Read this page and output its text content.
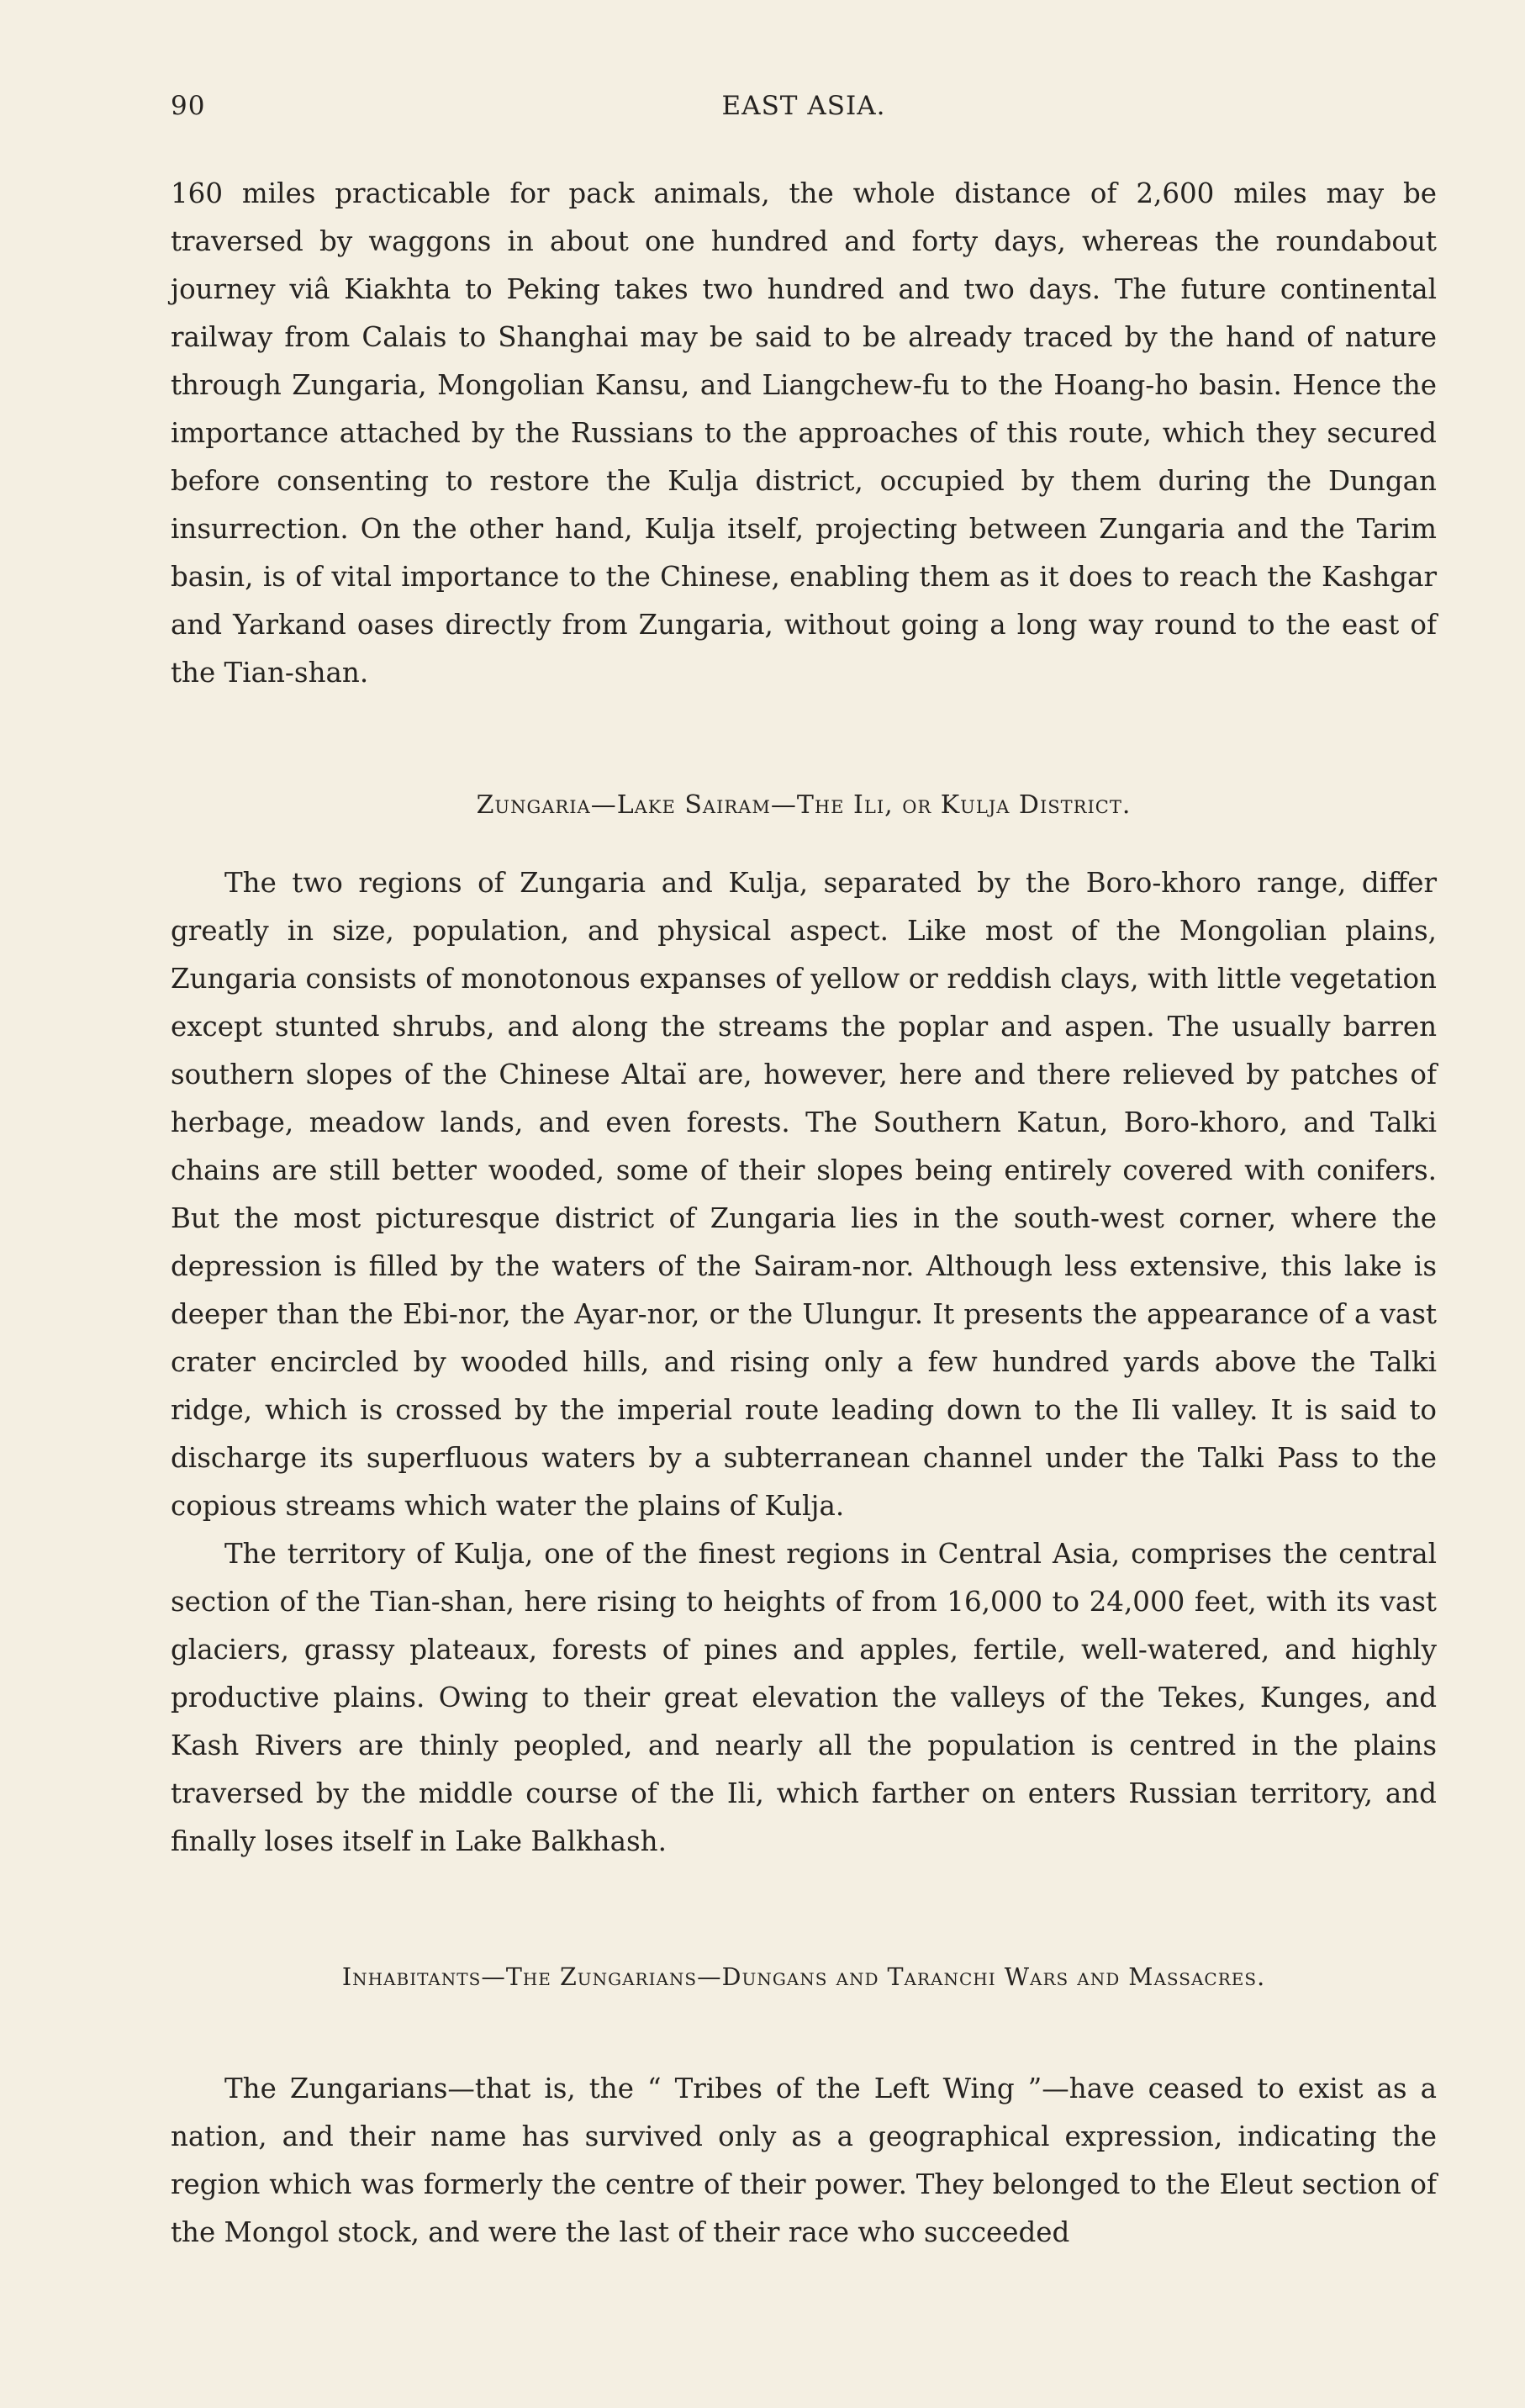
90	EAST ASIA.

160 miles practicable for pack animals, the whole distance of 2,600 miles may be traversed by waggons in about one hundred and forty days, whereas the roundabout journey viâ Kiakhta to Peking takes two hundred and two days. The future continental railway from Calais to Shanghai may be said to be already traced by the hand of nature through Zungaria, Mongolian Kansu, and Liangchew-fu to the Hoang-ho basin. Hence the importance attached by the Russians to the approaches of this route, which they secured before consenting to restore the Kulja district, occupied by them during the Dungan insurrection. On the other hand, Kulja itself, projecting between Zungaria and the Tarim basin, is of vital importance to the Chinese, enabling them as it does to reach the Kashgar and Yarkand oases directly from Zungaria, without going a long way round to the east of the Tian-shan.

Zungaria—Lake Sairam—The Ili, or Kulja District.

The two regions of Zungaria and Kulja, separated by the Boro-khoro range, differ greatly in size, population, and physical aspect. Like most of the Mongolian plains, Zungaria consists of monotonous expanses of yellow or reddish clays, with little vegetation except stunted shrubs, and along the streams the poplar and aspen. The usually barren southern slopes of the Chinese Altaï are, however, here and there relieved by patches of herbage, meadow lands, and even forests. The Southern Katun, Boro-khoro, and Talki chains are still better wooded, some of their slopes being entirely covered with conifers. But the most picturesque district of Zungaria lies in the south-west corner, where the depression is filled by the waters of the Sairam-nor. Although less extensive, this lake is deeper than the Ebi-nor, the Ayar-nor, or the Ulungur. It presents the appearance of a vast crater encircled by wooded hills, and rising only a few hundred yards above the Talki ridge, which is crossed by the imperial route leading down to the Ili valley. It is said to discharge its superfluous waters by a subterranean channel under the Talki Pass to the copious streams which water the plains of Kulja.

The territory of Kulja, one of the finest regions in Central Asia, comprises the central section of the Tian-shan, here rising to heights of from 16,000 to 24,000 feet, with its vast glaciers, grassy plateaux, forests of pines and apples, fertile, well-watered, and highly productive plains. Owing to their great elevation the valleys of the Tekes, Kunges, and Kash Rivers are thinly peopled, and nearly all the population is centred in the plains traversed by the middle course of the Ili, which farther on enters Russian territory, and finally loses itself in Lake Balkhash.

Inhabitants—The Zungarians—Dungans and Taranchi Wars and Massacres.

The Zungarians—that is, the “ Tribes of the Left Wing ”—have ceased to exist as a nation, and their name has survived only as a geographical expression, indicating the region which was formerly the centre of their power. They belonged to the Eleut section of the Mongol stock, and were the last of their race who succeeded
